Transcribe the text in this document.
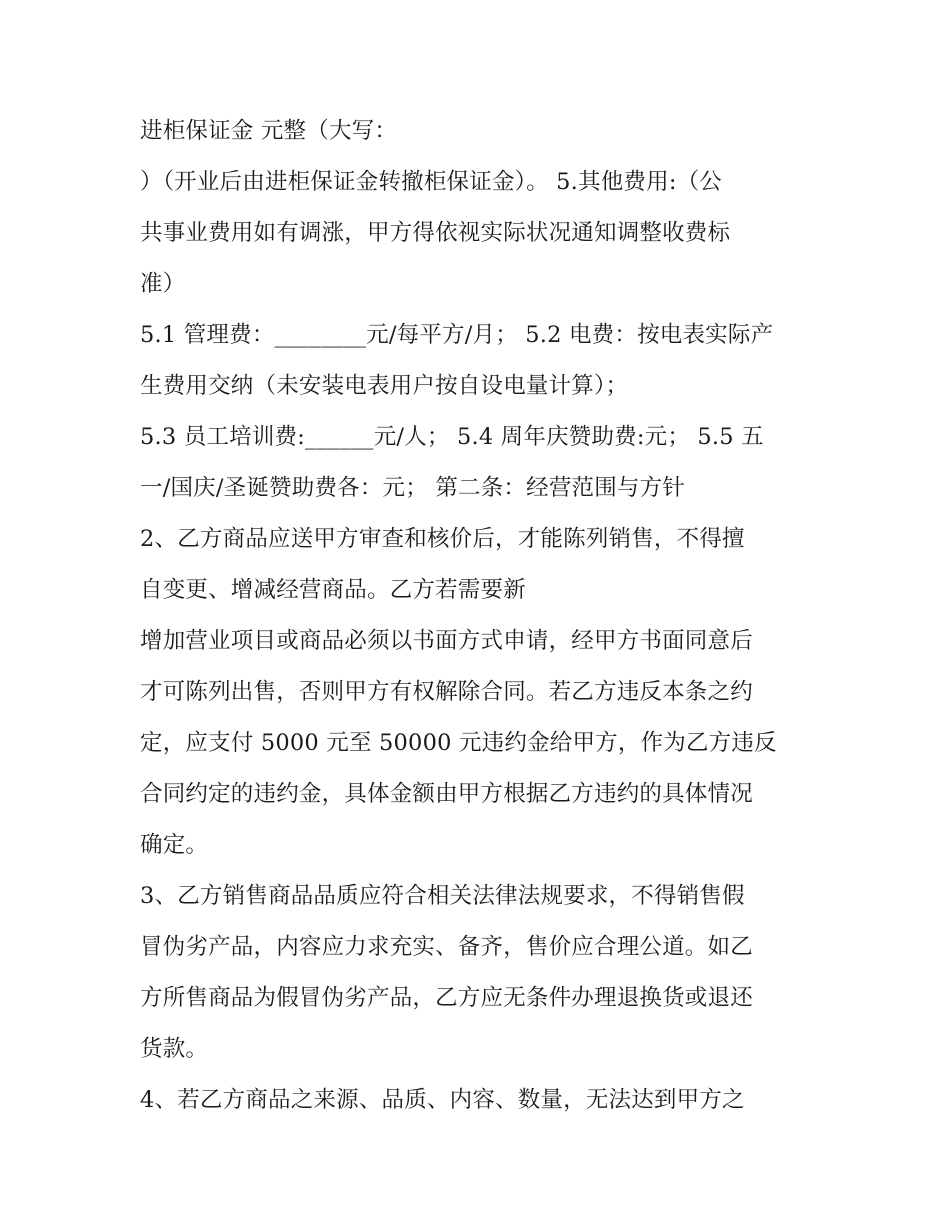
进柜保证金 元整（大写：
）（开业后由进柜保证金转撤柜保证金）。 5.其他费用:（公
共事业费用如有调涨，甲方得依视实际状况通知调整收费标
准）
5.1 管理费：________元/每平方/月； 5.2 电费：按电表实际产
生费用交纳（未安装电表用户按自设电量计算）；
5.3 员工培训费:______元/人； 5.4 周年庆赞助费:元； 5.5 五
一/国庆/圣诞赞助费各：元； 第二条：经营范围与方针
2、乙方商品应送甲方审查和核价后，才能陈列销售，不得擅
自变更、增减经营商品。乙方若需要新
增加营业项目或商品必须以书面方式申请，经甲方书面同意后
才可陈列出售，否则甲方有权解除合同。若乙方违反本条之约
定，应支付 5000 元至 50000 元违约金给甲方，作为乙方违反
合同约定的违约金，具体金额由甲方根据乙方违约的具体情况
确定。
3、乙方销售商品品质应符合相关法律法规要求，不得销售假
冒伪劣产品，内容应力求充实、备齐，售价应合理公道。如乙
方所售商品为假冒伪劣产品，乙方应无条件办理退换货或退还
货款。
4、若乙方商品之来源、品质、内容、数量，无法达到甲方之
